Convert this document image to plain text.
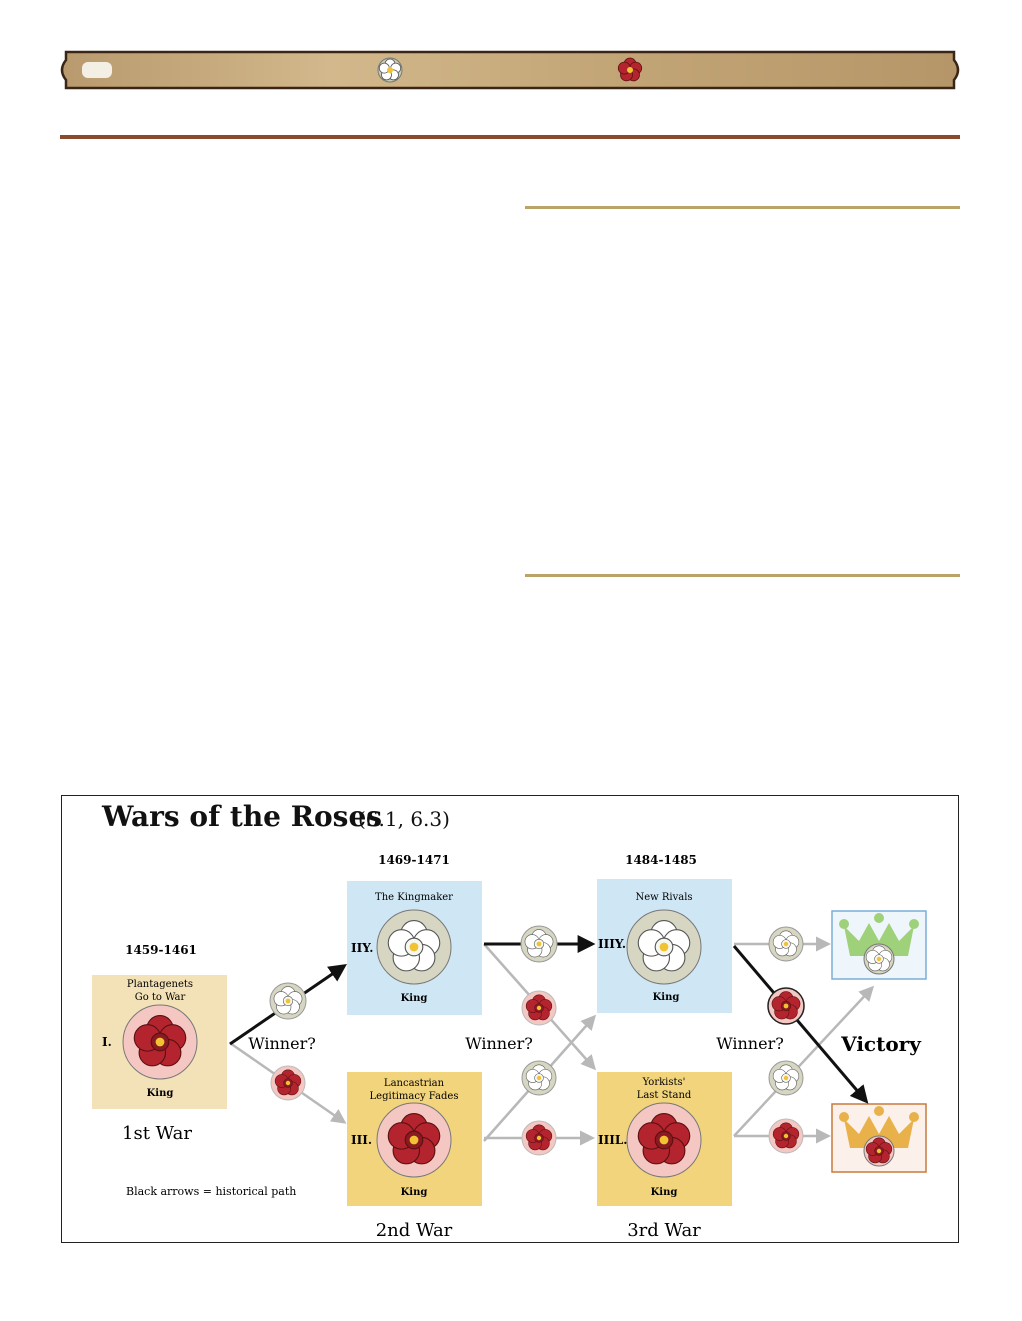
Wars of the Roses
(6.1, 6.3)
1459-1461
1469-1471	1484-1485
Plantagenets
Go to War
I.
King
The Kingmaker
IIY.
King
Lancastrian
Legitimacy Fades
III.
King
New Rivals
IIIY.
King
Yorkists'
Last Stand
IIIL.
King
Winner?	Winner?	Winner?	Victory
1st War
2nd War	3rd War
Black arrows = historical path
